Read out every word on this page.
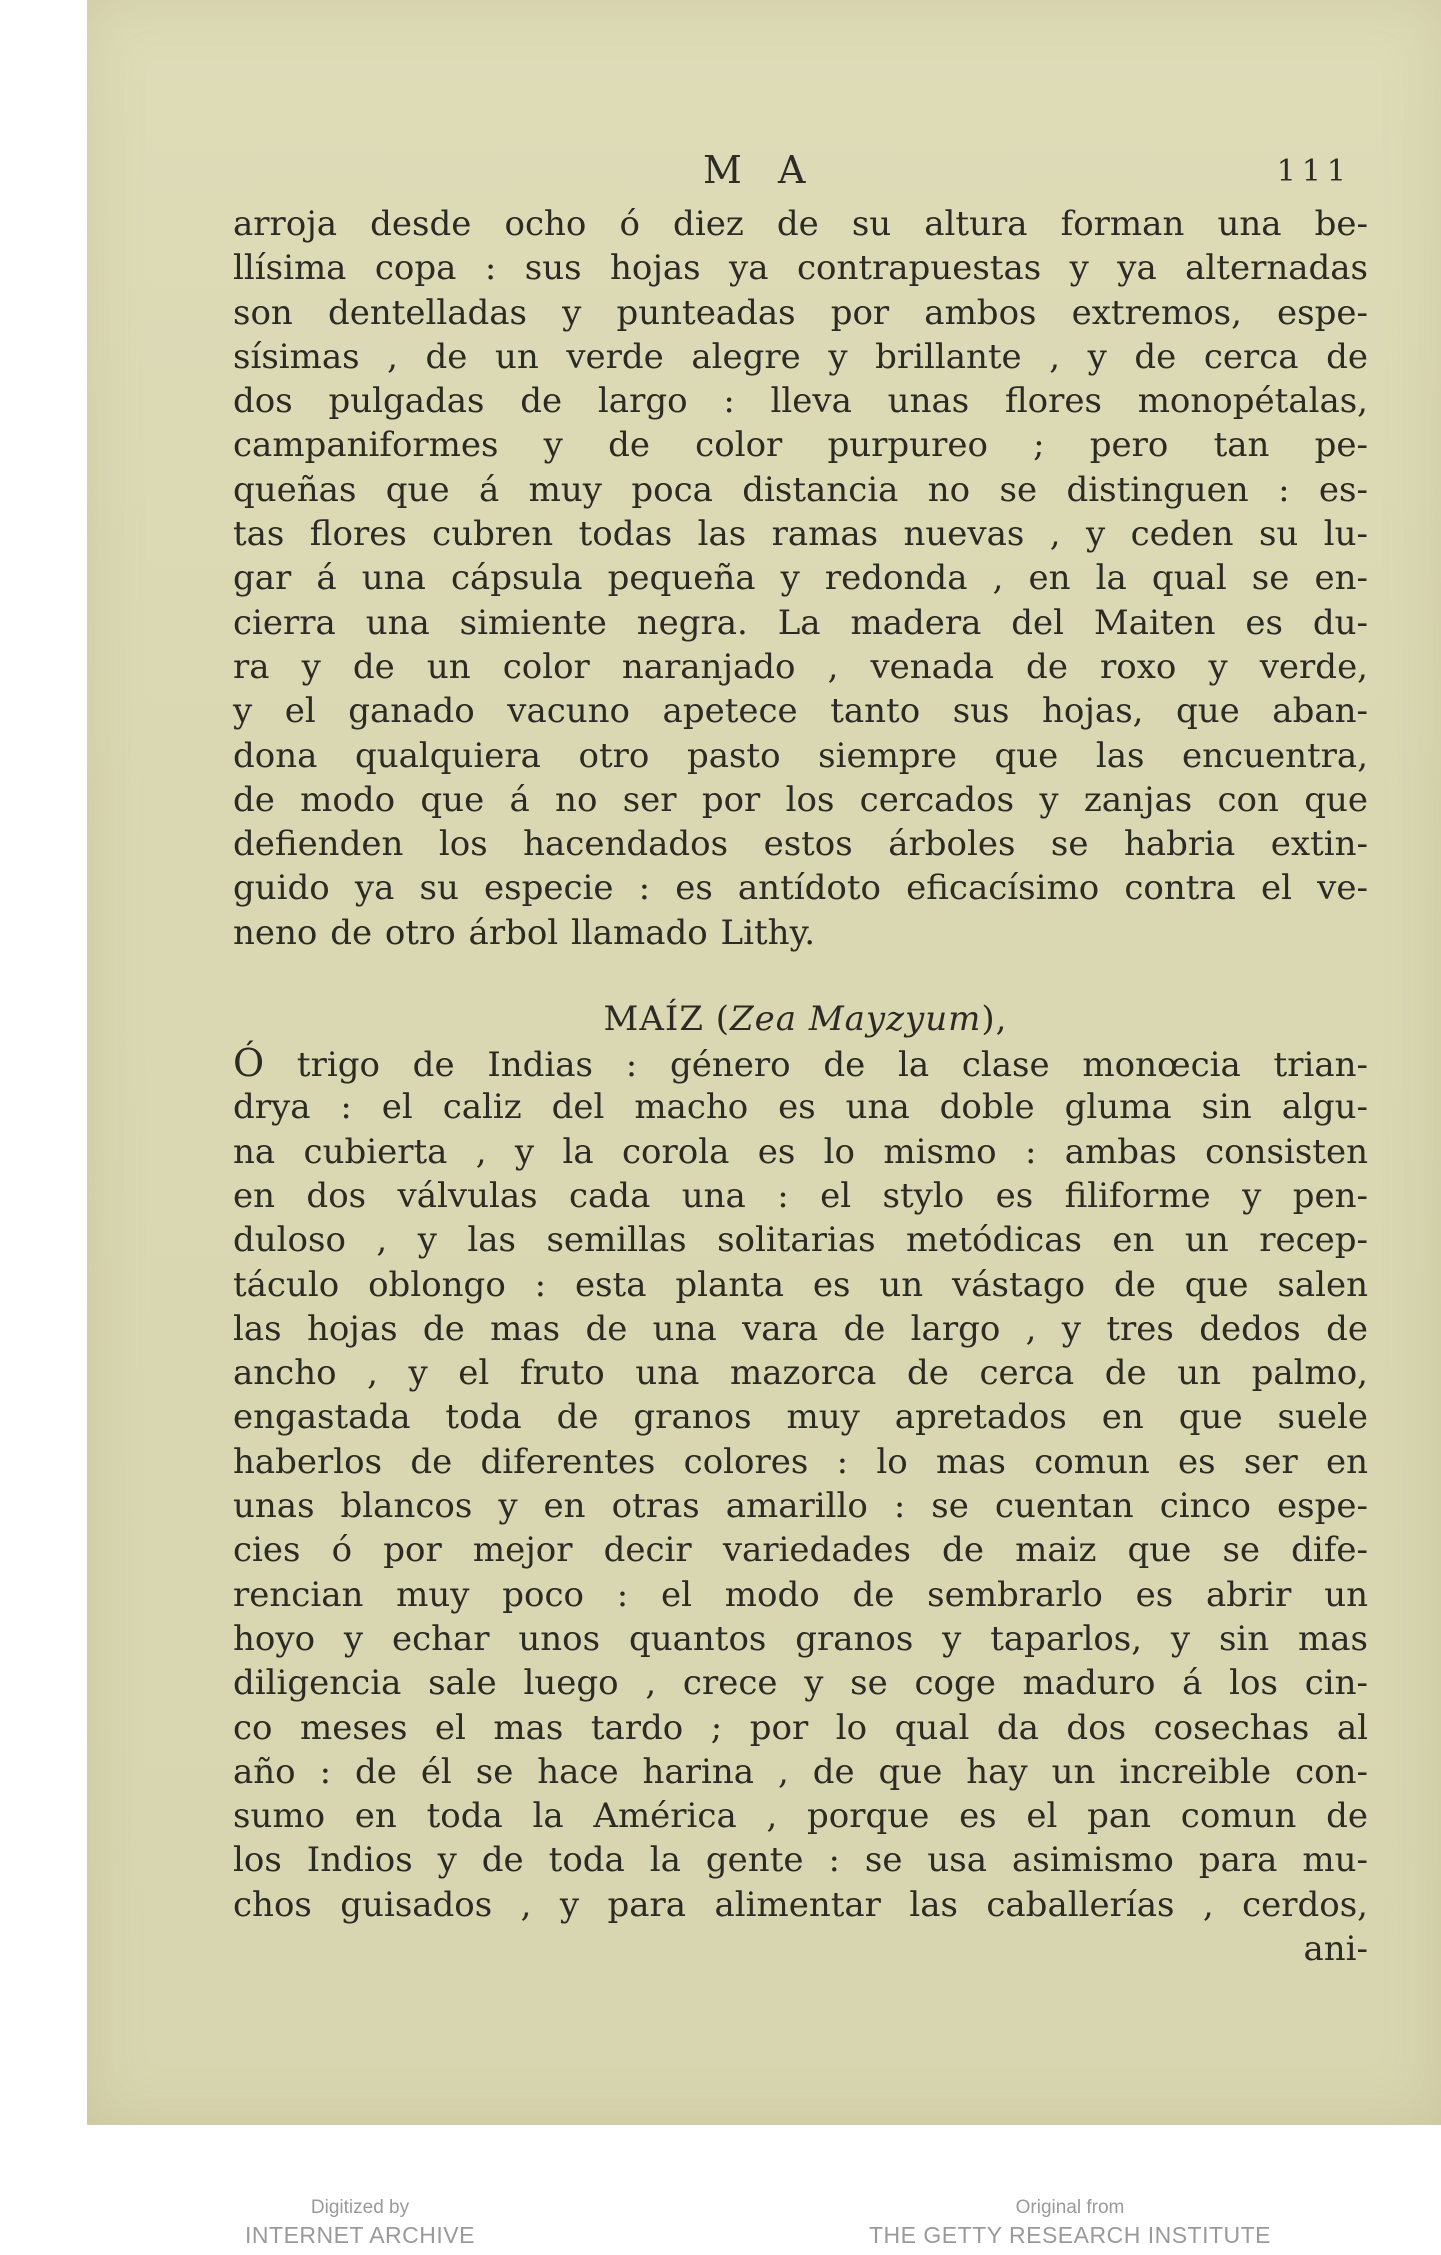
M A	111
arroja desde ocho ó diez de su altura forman una be-
llísima copa : sus hojas ya contrapuestas y ya alternadas
son dentelladas y punteadas por ambos extremos, espe-
sísimas , de un verde alegre y brillante , y de cerca de
dos pulgadas de largo : lleva unas flores monopétalas,
campaniformes y de color purpureo ; pero tan pe-
queñas que á muy poca distancia no se distinguen : es-
tas flores cubren todas las ramas nuevas , y ceden su lu-
gar á una cápsula pequeña y redonda , en la qual se en-
cierra una simiente negra. La madera del Maiten es du-
ra y de un color naranjado , venada de roxo y verde,
y el ganado vacuno apetece tanto sus hojas, que aban-
dona qualquiera otro pasto siempre que las encuentra,
de modo que á no ser por los cercados y zanjas con que
defienden los hacendados estos árboles se habria extin-
guido ya su especie : es antídoto eficacísimo contra el ve-
neno de otro árbol llamado Lithy.
MAÍZ (Zea Mayzyum),
Ó trigo de Indias : género de la clase monœcia trian-
drya : el caliz del macho es una doble gluma sin algu-
na cubierta , y la corola es lo mismo : ambas consisten
en dos válvulas cada una : el stylo es filiforme y pen-
duloso , y las semillas solitarias metódicas en un recep-
táculo oblongo : esta planta es un vástago de que salen
las hojas de mas de una vara de largo , y tres dedos de
ancho , y el fruto una mazorca de cerca de un palmo,
engastada toda de granos muy apretados en que suele
haberlos de diferentes colores : lo mas comun es ser en
unas blancos y en otras amarillo : se cuentan cinco espe-
cies ó por mejor decir variedades de maiz que se dife-
rencian muy poco : el modo de sembrarlo es abrir un
hoyo y echar unos quantos granos y taparlos, y sin mas
diligencia sale luego , crece y se coge maduro á los cin-
co meses el mas tardo ; por lo qual da dos cosechas al
año : de él se hace harina , de que hay un increible con-
sumo en toda la América , porque es el pan comun de
los Indios y de toda la gente : se usa asimismo para mu-
chos guisados , y para alimentar las caballerías , cerdos,
ani-
Digitized by
INTERNET ARCHIVE
Original from
THE GETTY RESEARCH INSTITUTE
